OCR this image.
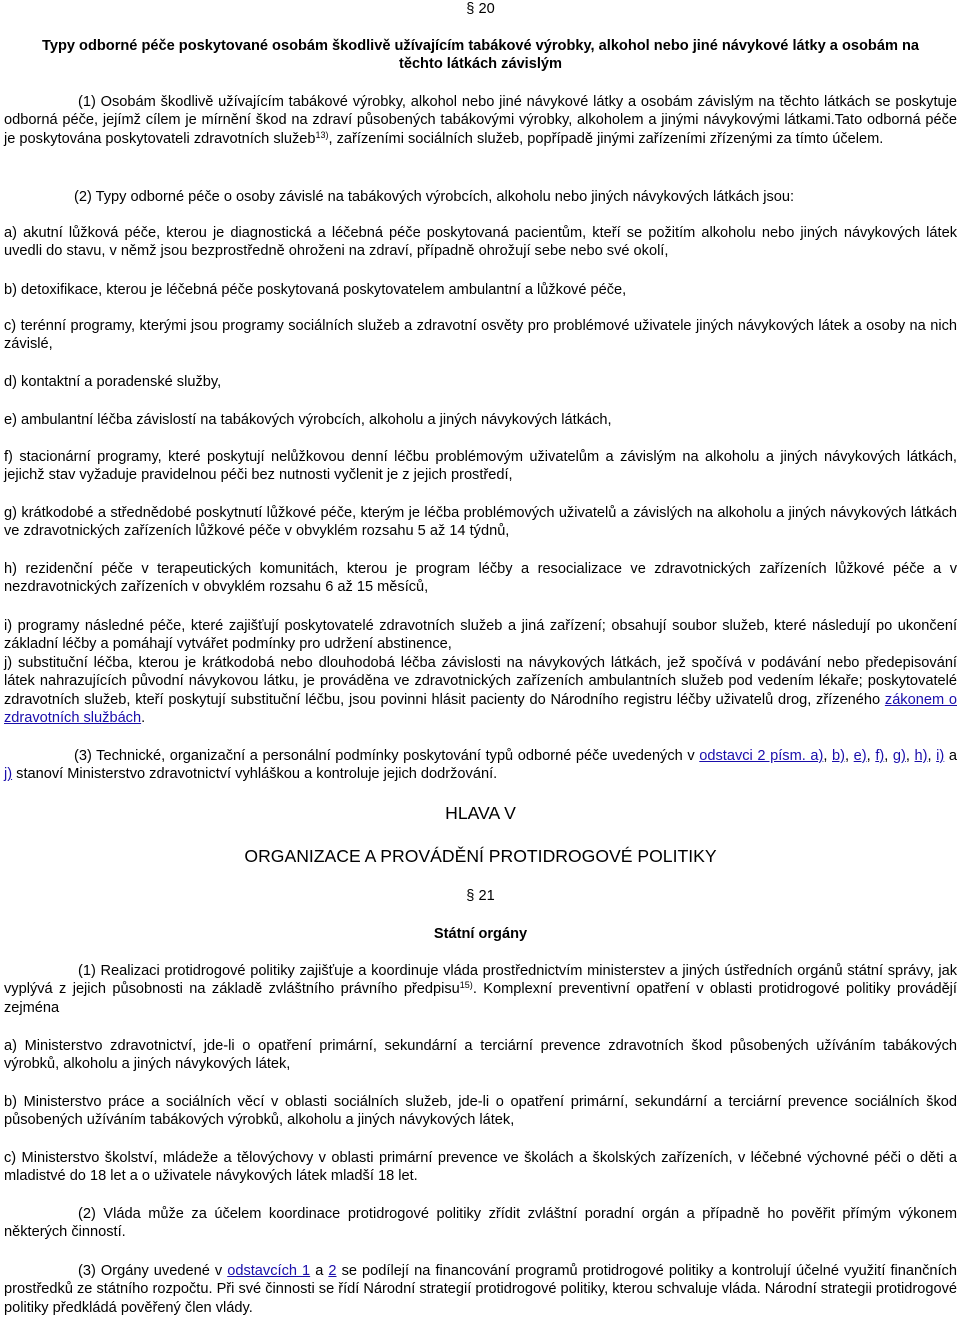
§ 20
Typy odborné péče poskytované osobám škodlivě užívajícím tabákové výrobky, alkohol nebo jiné návykové látky a osobám na těchto látkách závislým
(1) Osobám škodlivě užívajícím tabákové výrobky, alkohol nebo jiné návykové látky a osobám závislým na těchto látkách se poskytuje odborná péče, jejímž cílem je mírnění škod na zdraví působených tabákovými výrobky, alkoholem a jinými návykovými látkami.Tato odborná péče je poskytována poskytovateli zdravotních služeb$^{13)}$, zařízeními sociálních služeb, popřípadě jinými zařízeními zřízenými za tímto účelem.
(2) Typy odborné péče o osoby závislé na tabákových výrobcích, alkoholu nebo jiných návykových látkách jsou:
a) akutní lůžková péče, kterou je diagnostická a léčebná péče poskytovaná pacientům, kteří se požitím alkoholu nebo jiných návykových látek uvedli do stavu, v němž jsou bezprostředně ohroženi na zdraví, případně ohrožují sebe nebo své okolí,
b) detoxifikace, kterou je léčebná péče poskytovaná poskytovatelem ambulantní a lůžkové péče,
c) terénní programy, kterými jsou programy sociálních služeb a zdravotní osvěty pro problémové uživatele jiných návykových látek a osoby na nich závislé,
d) kontaktní a poradenské služby,
e) ambulantní léčba závislostí na tabákových výrobcích, alkoholu a jiných návykových látkách,
f) stacionární programy, které poskytují nelůžkovou denní léčbu problémovým uživatelům a závislým na alkoholu a jiných návykových látkách, jejichž stav vyžaduje pravidelnou péči bez nutnosti vyčlenit je z jejich prostředí,
g) krátkodobé a střednědobé poskytnutí lůžkové péče, kterým je léčba problémových uživatelů a závislých na alkoholu a jiných návykových látkách ve zdravotnických zařízeních lůžkové péče v obvyklém rozsahu 5 až 14 týdnů,
h) rezidenční péče v terapeutických komunitách, kterou je program léčby a resocializace ve zdravotnických zařízeních lůžkové péče a v nezdravotnických zařízeních v obvyklém rozsahu 6 až 15 měsíců,
i) programy následné péče, které zajišťují poskytovatelé zdravotních služeb a jiná zařízení; obsahují soubor služeb, které následují po ukončení základní léčby a pomáhají vytvářet podmínky pro udržení abstinence,
j) substituční léčba, kterou je krátkodobá nebo dlouhodobá léčba závislosti na návykových látkách, jež spočívá v podávání nebo předepisování látek nahrazujících původní návykovou látku, je prováděna ve zdravotnických zařízeních ambulantních služeb pod vedením lékaře; poskytovatelé zdravotních služeb, kteří poskytují substituční léčbu, jsou povinni hlásit pacienty do Národního registru léčby uživatelů drog, zřízeného zákonem o zdravotních službách.
(3) Technické, organizační a personální podmínky poskytování typů odborné péče uvedených v odstavci 2 písm. a), b), e), f), g), h), i) a j) stanoví Ministerstvo zdravotnictví vyhláškou a kontroluje jejich dodržování.
HLAVA V
ORGANIZACE A PROVÁDĚNÍ PROTIDROGOVÉ POLITIKY
§ 21
Státní orgány
(1) Realizaci protidrogové politiky zajišťuje a koordinuje vláda prostřednictvím ministerstev a jiných ústředních orgánů státní správy, jak vyplývá z jejich působnosti na základě zvláštního právního předpisu$^{15)}$. Komplexní preventivní opatření v oblasti protidrogové politiky provádějí zejména
a) Ministerstvo zdravotnictví, jde-li o opatření primární, sekundární a terciární prevence zdravotních škod působených užíváním tabákových výrobků, alkoholu a jiných návykových látek,
b) Ministerstvo práce a sociálních věcí v oblasti sociálních služeb, jde-li o opatření primární, sekundární a terciární prevence sociálních škod působených užíváním tabákových výrobků, alkoholu a jiných návykových látek,
c) Ministerstvo školství, mládeže a tělovýchovy v oblasti primární prevence ve školách a školských zařízeních, v léčebné výchovné péči o děti a mladistvé do 18 let a o uživatele návykových látek mladší 18 let.
(2) Vláda může za účelem koordinace protidrogové politiky zřídit zvláštní poradní orgán a případně ho pověřit přímým výkonem některých činností.
(3) Orgány uvedené v odstavcích 1 a 2 se podílejí na financování programů protidrogové politiky a kontrolují účelné využití finančních prostředků ze státního rozpočtu. Při své činnosti se řídí Národní strategií protidrogové politiky, kterou schvaluje vláda. Národní strategii protidrogové politiky předkládá pověřený člen vlády.
